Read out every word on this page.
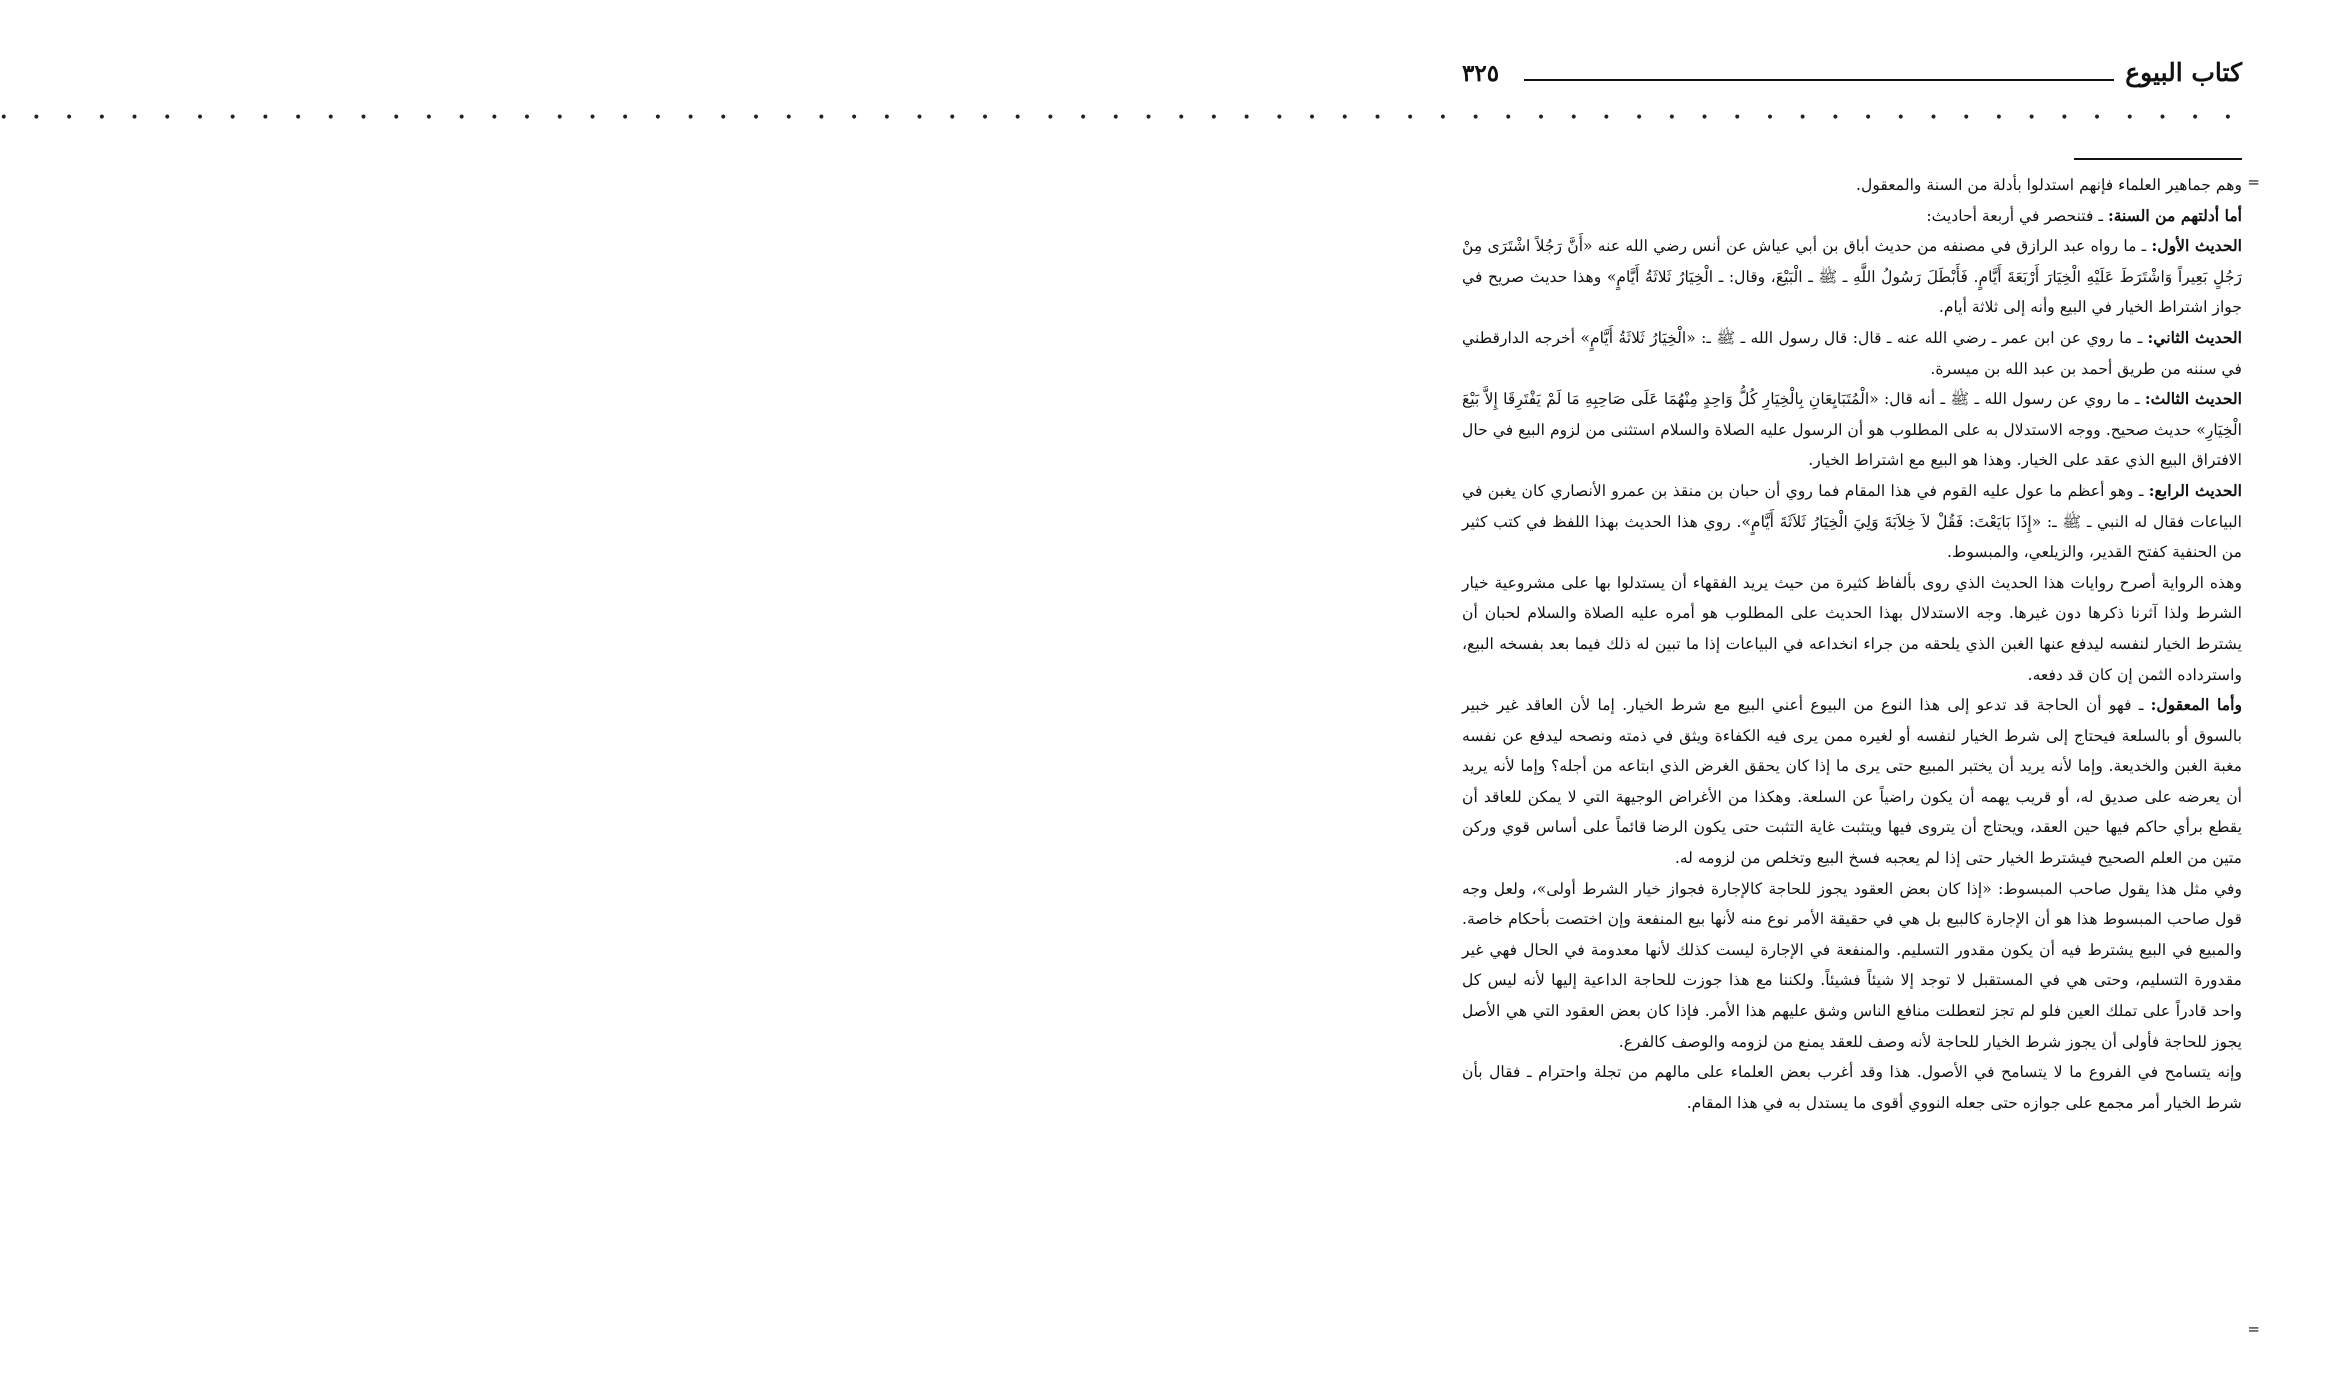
كتاب البيوع
٣٢٥
• • • • • • • • • • • • • • • • • • • • • • • • • • • • • • • • • • • • • • • • • • • • • • • • • • • • • • • • • • • • • • • • • • • • •
=

وهم جماهير العلماء فإنهم استدلوا بأدلة من السنة والمعقول.

أما أدلتهم من السنة: ـ فتنحصر في أربعة أحاديث:

الحديث الأول: ـ ما رواه عبد الرازق في مصنفه من حديث أباق بن أبي عياش عن أنس رضي الله عنه «أَنَّ رَجُلاً اشْتَرَى مِنْ رَجُلٍ بَعِيراً وَاشْتَرَطَ عَلَيْهِ الْخِيَارَ أَرْبَعَةَ أَيَّامٍ. فَأَبْطَلَ رَسُولُ اللَّهِ ـ ﷺ ـ الْبَيْعَ، وقال: ـ الْخِيَارُ ثَلاثَةُ أَيَّامٍ» وهذا حديث صريح في جواز اشتراط الخيار في البيع وأنه إلى ثلاثة أيام.

الحديث الثاني: ـ ما روي عن ابن عمر ـ رضي الله عنه ـ قال: قال رسول الله ـ ﷺ ـ: «الْخِيَارُ ثَلاثَةُ أَيَّامٍ» أخرجه الدارقطني في سننه من طريق أحمد بن عبد الله بن ميسرة.

الحديث الثالث: ـ ما روي عن رسول الله ـ ﷺ ـ أنه قال: «الْمُتَبَايِعَانِ بِالْخِيَارِ كُلُّ وَاحِدٍ مِنْهُمَا عَلَى صَاحِبِهِ مَا لَمْ يَفْتَرِقَا إِلاَّ بَيْعَ الْخِيَارِ» حديث صحيح. ووجه الاستدلال به على المطلوب هو أن الرسول عليه الصلاة والسلام استثنى من لزوم البيع في حال الافتراق البيع الذي عقد على الخيار. وهذا هو البيع مع اشتراط الخيار.

الحديث الرابع: ـ وهو أعظم ما عول عليه القوم في هذا المقام فما روي أن حبان بن منقذ بن عمرو الأنصاري كان يغبن في البياعات فقال له النبي ـ ﷺ ـ: «إِذَا بَايَعْتَ: فَقُلْ لاَ خِلاَبَةَ وَلِيَ الْخِيَارُ ثَلاَثَةَ أَيَّامٍ». روي هذا الحديث بهذا اللفظ في كتب كثير من الحنفية كفتح القدير، والزيلعي، والمبسوط.

وهذه الرواية أصرح روايات هذا الحديث الذي روى بألفاظ كثيرة من حيث يريد الفقهاء أن يستدلوا بها على مشروعية خيار الشرط ولذا آثرنا ذكرها دون غيرها. وجه الاستدلال بهذا الحديث على المطلوب هو أمره عليه الصلاة والسلام لحبان أن يشترط الخيار لنفسه ليدفع عنها الغبن الذي يلحقه من جراء انخداعه في البياعات إذا ما تبين له ذلك فيما بعد بفسخه البيع، واسترداده الثمن إن كان قد دفعه.

وأما المعقول: ـ فهو أن الحاجة قد تدعو إلى هذا النوع من البيوع أعني البيع مع شرط الخيار. إما لأن العاقد غير خبير بالسوق أو بالسلعة فيحتاج إلى شرط الخيار لنفسه أو لغيره ممن يرى فيه الكفاءة ويثق في ذمته ونصحه ليدفع عن نفسه مغبة الغبن والخديعة. وإما لأنه يريد أن يختبر المبيع حتى يرى ما إذا كان يحقق الغرض الذي ابتاعه من أجله؟ وإما لأنه يريد أن يعرضه على صديق له، أو قريب يهمه أن يكون راضياً عن السلعة. وهكذا من الأغراض الوجيهة التي لا يمكن للعاقد أن يقطع برأي حاكم فيها حين العقد، ويحتاج أن يتروى فيها ويتثبت غاية التثبت حتى يكون الرضا قائماً على أساس قوي وركن متين من العلم الصحيح فيشترط الخيار حتى إذا لم يعجبه فسخ البيع وتخلص من لزومه له.

وفي مثل هذا يقول صاحب المبسوط: «إذا كان بعض العقود يجوز للحاجة كالإجارة فجواز خيار الشرط أولى»، ولعل وجه قول صاحب المبسوط هذا هو أن الإجارة كالبيع بل هي في حقيقة الأمر نوع منه لأنها بيع المنفعة وإن اختصت بأحكام خاصة. والمبيع في البيع يشترط فيه أن يكون مقدور التسليم. والمنفعة في الإجارة ليست كذلك لأنها معدومة في الحال فهي غير مقدورة التسليم، وحتى هي في المستقبل لا توجد إلا شيئاً فشيئاً. ولكننا مع هذا جوزت للحاجة الداعية إليها لأنه ليس كل واحد قادراً على تملك العين فلو لم تجز لتعطلت منافع الناس وشق عليهم هذا الأمر. فإذا كان بعض العقود التي هي الأصل يجوز للحاجة فأولى أن يجوز شرط الخيار للحاجة لأنه وصف للعقد يمنع من لزومه والوصف كالفرع.

وإنه يتسامح في الفروع ما لا يتسامح في الأصول. هذا وقد أغرب بعض العلماء على مالهم من تجلة واحترام ـ فقال بأن شرط الخيار أمر مجمع على جوازه حتى جعله النووي أقوى ما يستدل به في هذا المقام.

=
